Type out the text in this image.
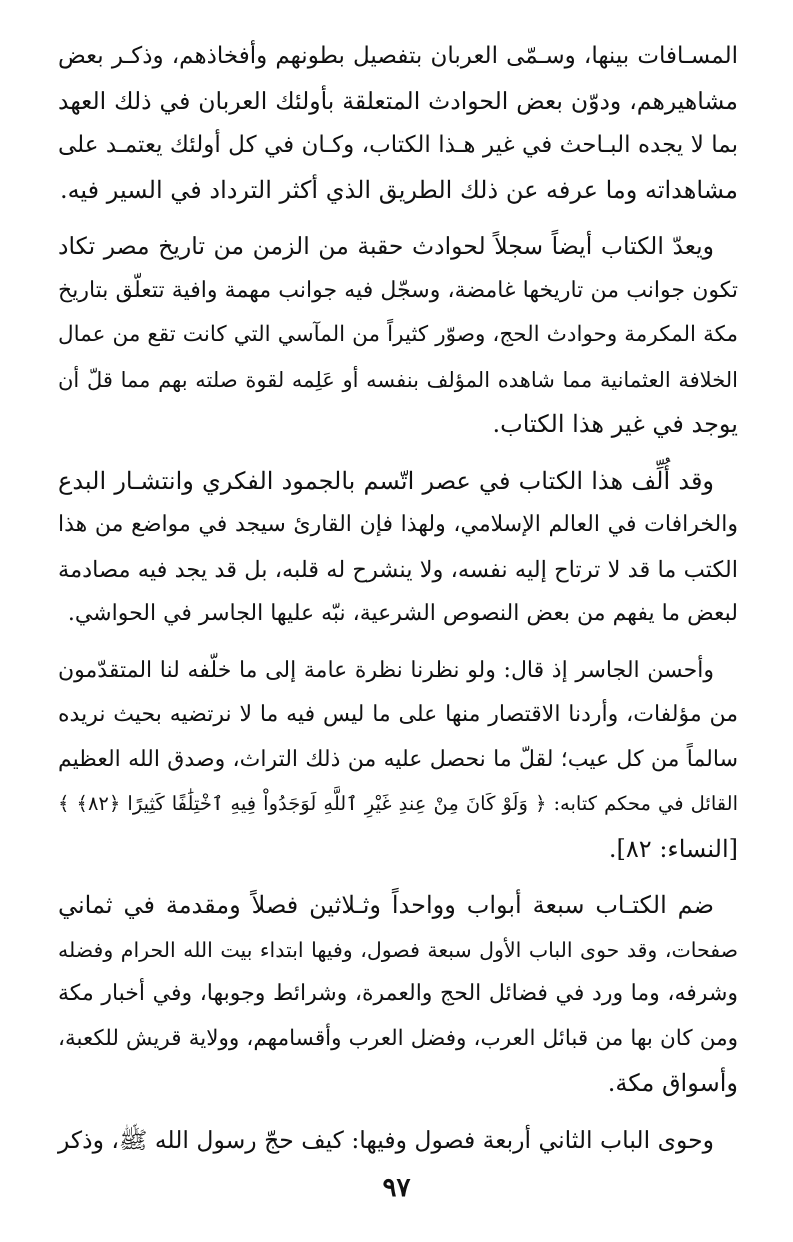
المسـافات بينها، وسـمّى العربان بتفصيل بطونهم وأفخاذهم، وذكـر بعض
مشاهيرهم، ودوّن بعض الحوادث المتعلقة بأولئك العربان في ذلك العهد
بما لا يجده البـاحث في غير هـذا الكتاب، وكـان في كل أولئك يعتمـد على
مشاهداته وما عرفه عن ذلك الطريق الذي أكثر الترداد في السير فيه.

ويعدّ الكتاب أيضاً سجلاً لحوادث حقبة من الزمن من تاريخ مصر تكاد
تكون جوانب من تاريخها غامضة، وسجّل فيه جوانب مهمة وافية تتعلّق بتاريخ
مكة المكرمة وحوادث الحج، وصوّر كثيراً من المآسي التي كانت تقع من عمال
الخلافة العثمانية مما شاهده المؤلف بنفسه أو عَلِمه لقوة صلته بهم مما قلّ أن
يوجد في غير هذا الكتاب.

وقد أُلِّف هذا الكتاب في عصر اتّسم بالجمود الفكري وانتشـار البدع
والخرافات في العالم الإسلامي، ولهذا فإن القارئ سيجد في مواضع من هذا
الكتب ما قد لا ترتاح إليه نفسه، ولا ينشرح له قلبه، بل قد يجد فيه مصادمة
لبعض ما يفهم من بعض النصوص الشرعية، نبّه عليها الجاسر في الحواشي.

وأحسن الجاسر إذ قال: ولو نظرنا نظرة عامة إلى ما خلّفه لنا المتقدّمون
من مؤلفات، وأردنا الاقتصار منها على ما ليس فيه ما لا نرتضيه بحيث نريده
سالماً من كل عيب؛ لقلّ ما نحصل عليه من ذلك التراث، وصدق الله العظيم
القائل في محكم كتابه: ﴿ وَلَوْ كَانَ مِنْ عِندِ غَيْرِ ٱللَّهِ لَوَجَدُواْ فِيهِ ٱخْتِلَٰفًا كَثِيرًا ﴿٨٢﴾ ﴾
[النساء: ٨٢].

ضم الكتـاب سبعة أبواب وواحداً وثـلاثين فصلاً ومقدمة في ثماني
صفحات، وقد حوى الباب الأول سبعة فصول، وفيها ابتداء بيت الله الحرام وفضله
وشرفه، وما ورد في فضائل الحج والعمرة، وشرائط وجوبها، وفي أخبار مكة
ومن كان بها من قبائل العرب، وفضل العرب وأقسامهم، وولاية قريش للكعبة،
وأسواق مكة.

وحوى الباب الثاني أربعة فصول وفيها: كيف حجّ رسول الله ﷺ، وذكر

٩٧
